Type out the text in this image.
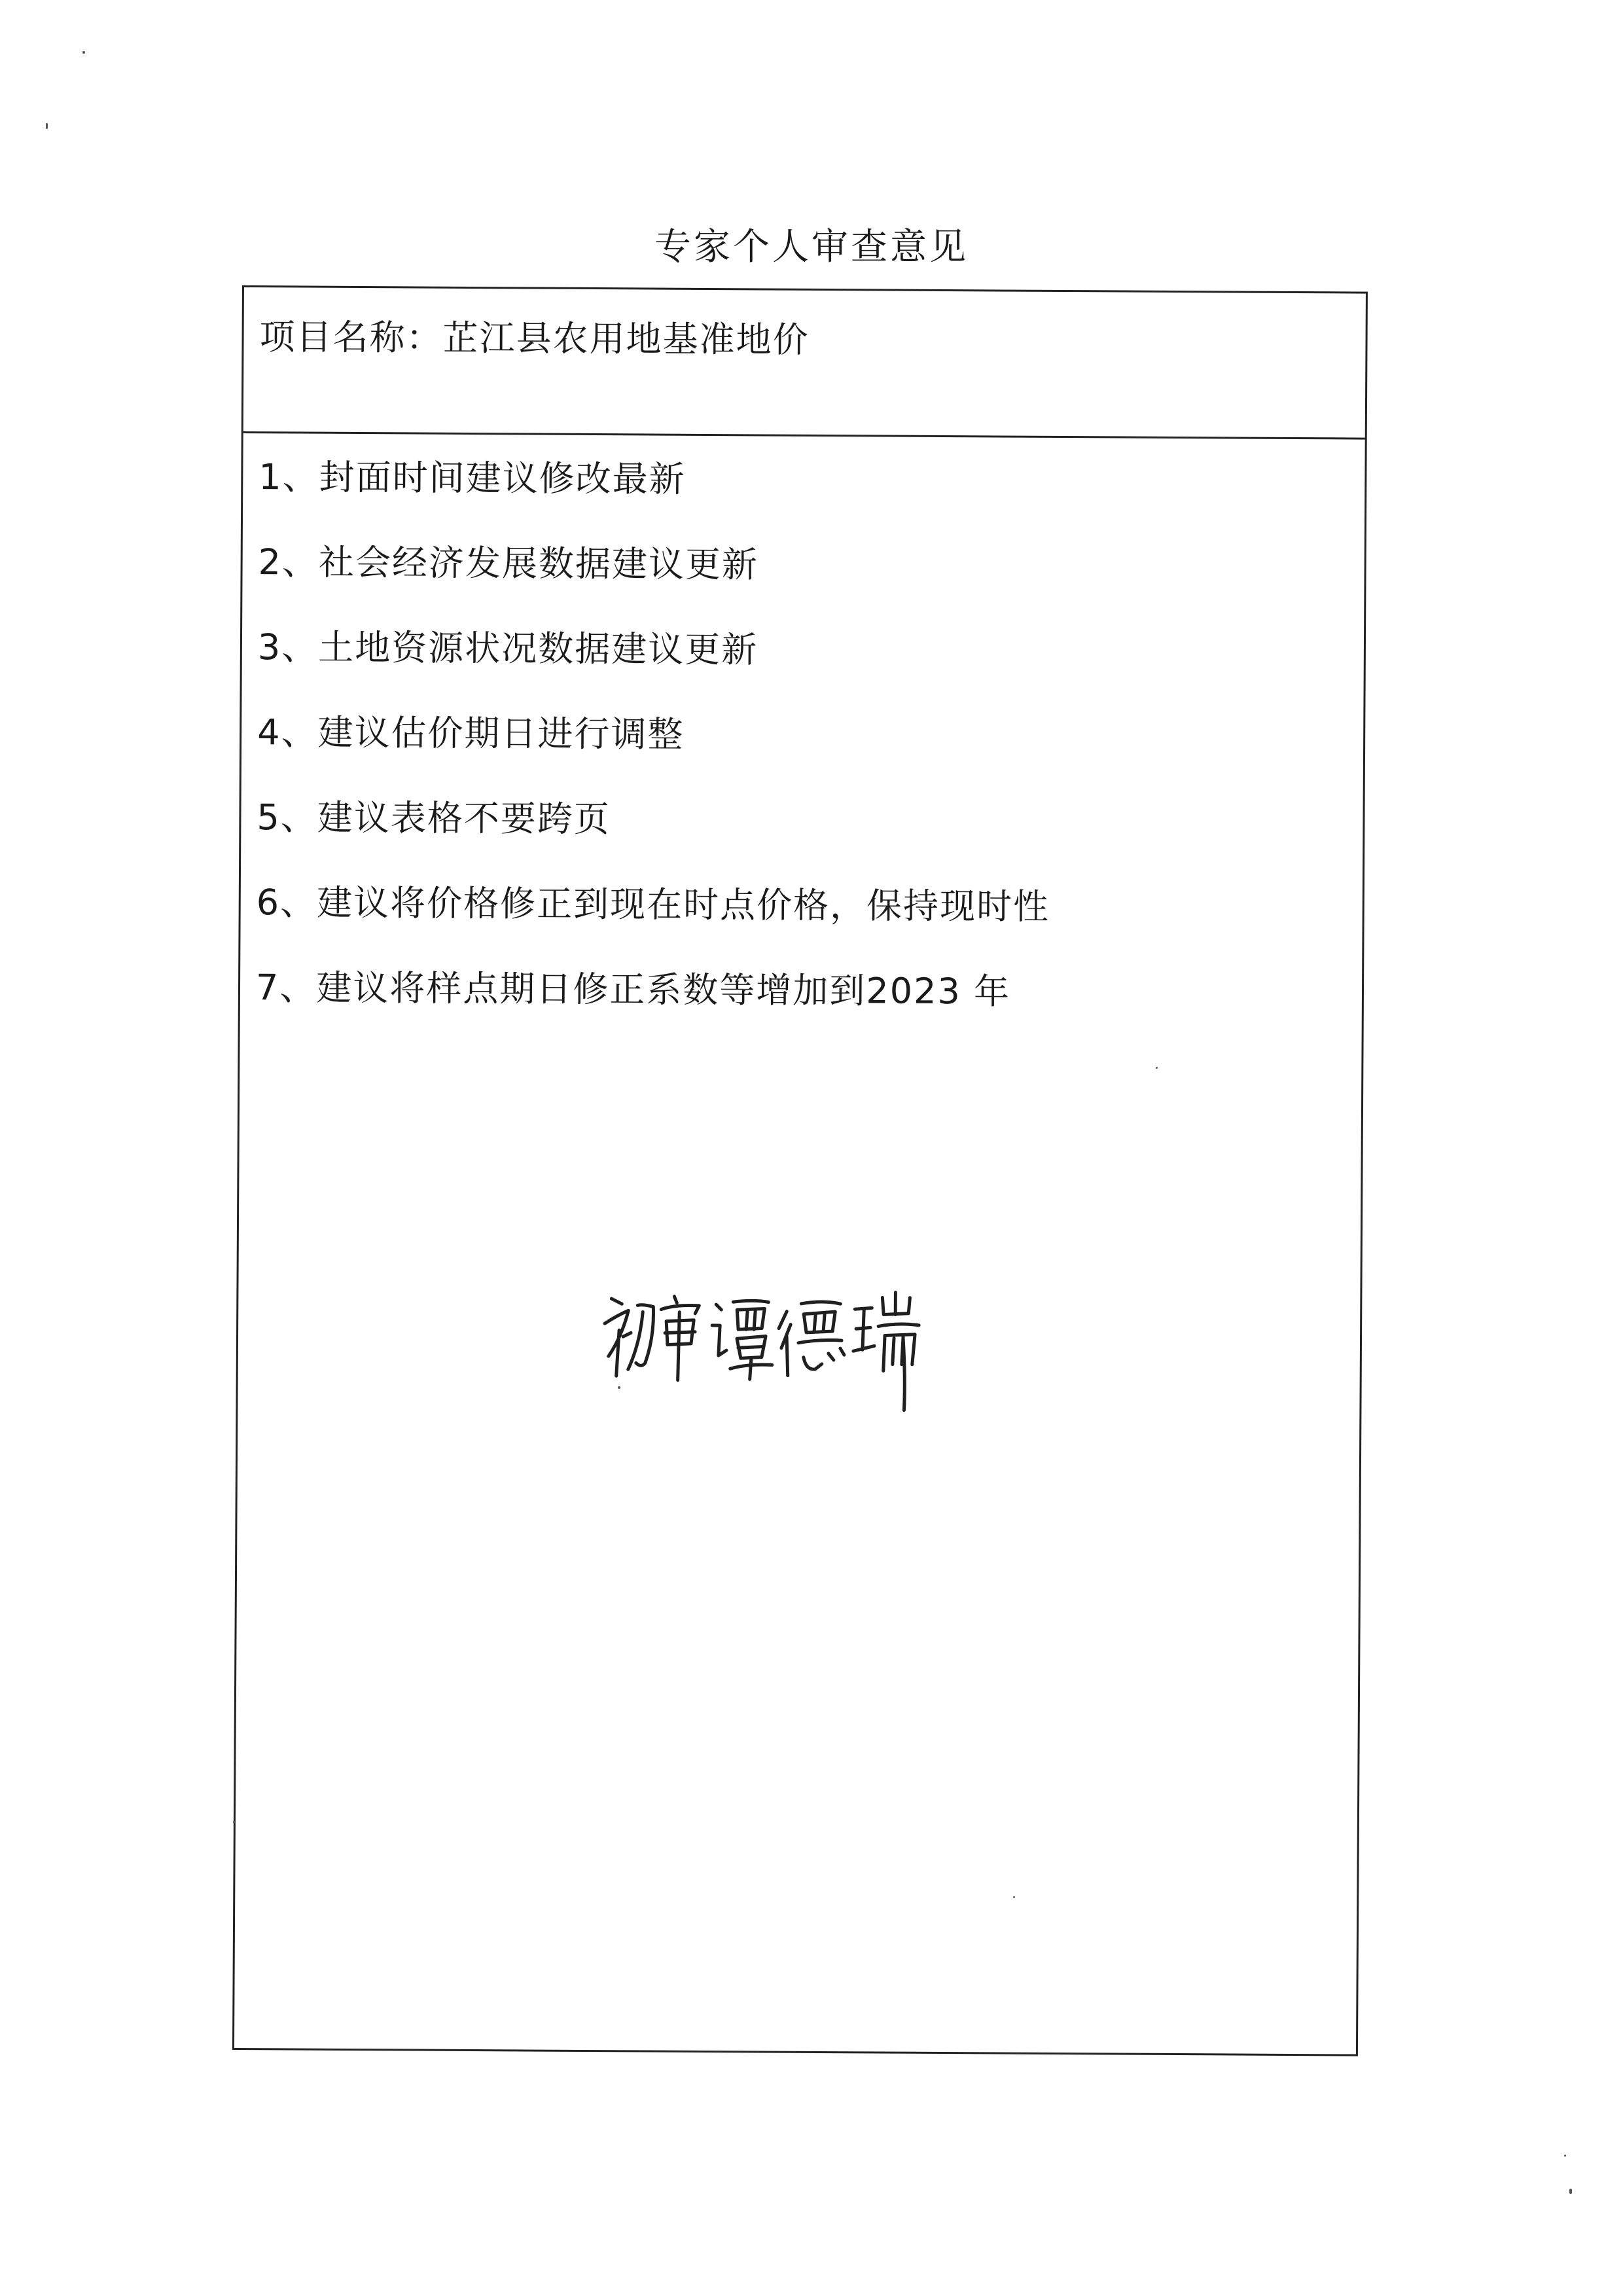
专家个人审查意见
项目名称：芷江县农用地基准地价
1、封面时间建议修改最新
2、社会经济发展数据建议更新
3、土地资源状况数据建议更新
4、建议估价期日进行调整
5、建议表格不要跨页
6、建议将价格修正到现在时点价格，保持现时性
7、建议将样点期日修正系数等增加到2023 年
